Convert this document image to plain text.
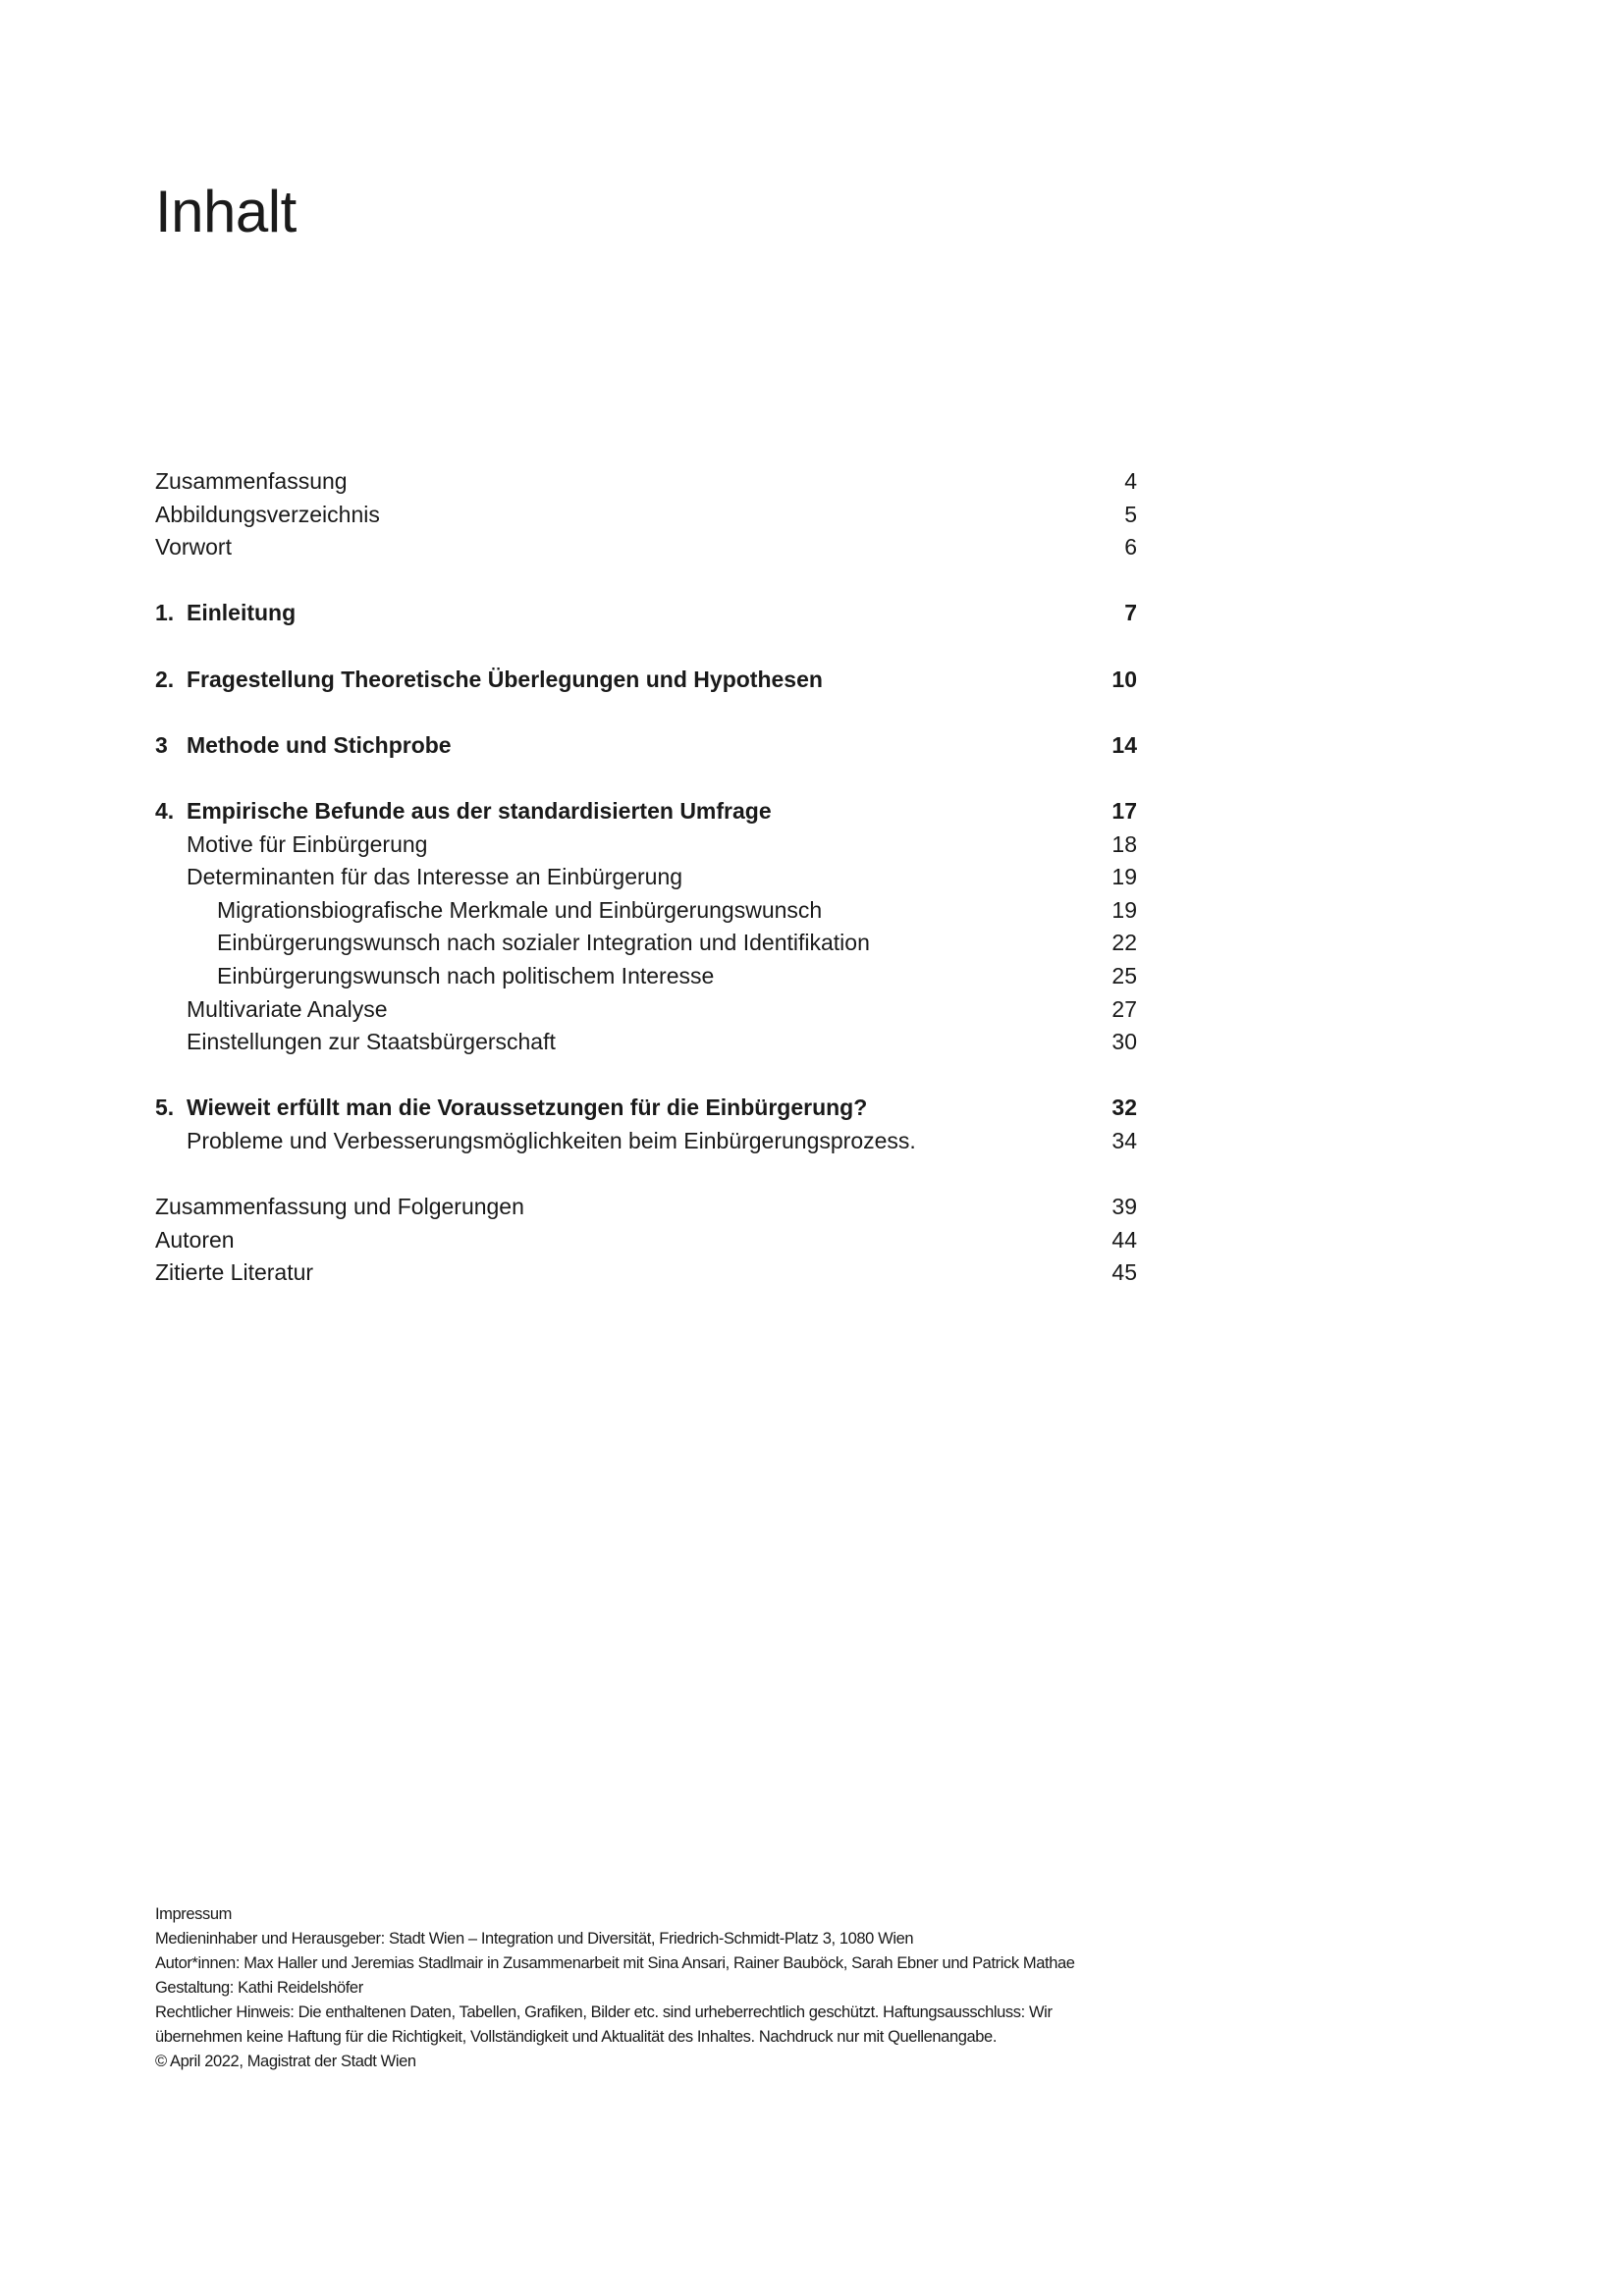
Inhalt
Zusammenfassung	4
Abbildungsverzeichnis	5
Vorwort	6
1. Einleitung	7
2. Fragestellung Theoretische Überlegungen und Hypothesen	10
3 Methode und Stichprobe	14
4. Empirische Befunde aus der standardisierten Umfrage	17
Motive für Einbürgerung	18
Determinanten für das Interesse an Einbürgerung	19
Migrationsbiografische Merkmale und Einbürgerungswunsch	19
Einbürgerungswunsch nach sozialer Integration und Identifikation	22
Einbürgerungswunsch nach politischem Interesse	25
Multivariate Analyse	27
Einstellungen zur Staatsbürgerschaft	30
5. Wieweit erfüllt man die Voraussetzungen für die Einbürgerung?	32
Probleme und Verbesserungsmöglichkeiten beim Einbürgerungsprozess.	34
Zusammenfassung und Folgerungen	39
Autoren	44
Zitierte Literatur	45
Impressum
Medieninhaber und Herausgeber: Stadt Wien – Integration und Diversität, Friedrich-Schmidt-Platz 3, 1080 Wien
Autor*innen: Max Haller und Jeremias Stadlmair in Zusammenarbeit mit Sina Ansari, Rainer Bauböck, Sarah Ebner und Patrick Mathae
Gestaltung: Kathi Reidelshöfer
Rechtlicher Hinweis: Die enthaltenen Daten, Tabellen, Grafiken, Bilder etc. sind urheberrechtlich geschützt. Haftungsausschluss: Wir
übernehmen keine Haftung für die Richtigkeit, Vollständigkeit und Aktualität des Inhaltes. Nachdruck nur mit Quellenangabe.
© April 2022, Magistrat der Stadt Wien
